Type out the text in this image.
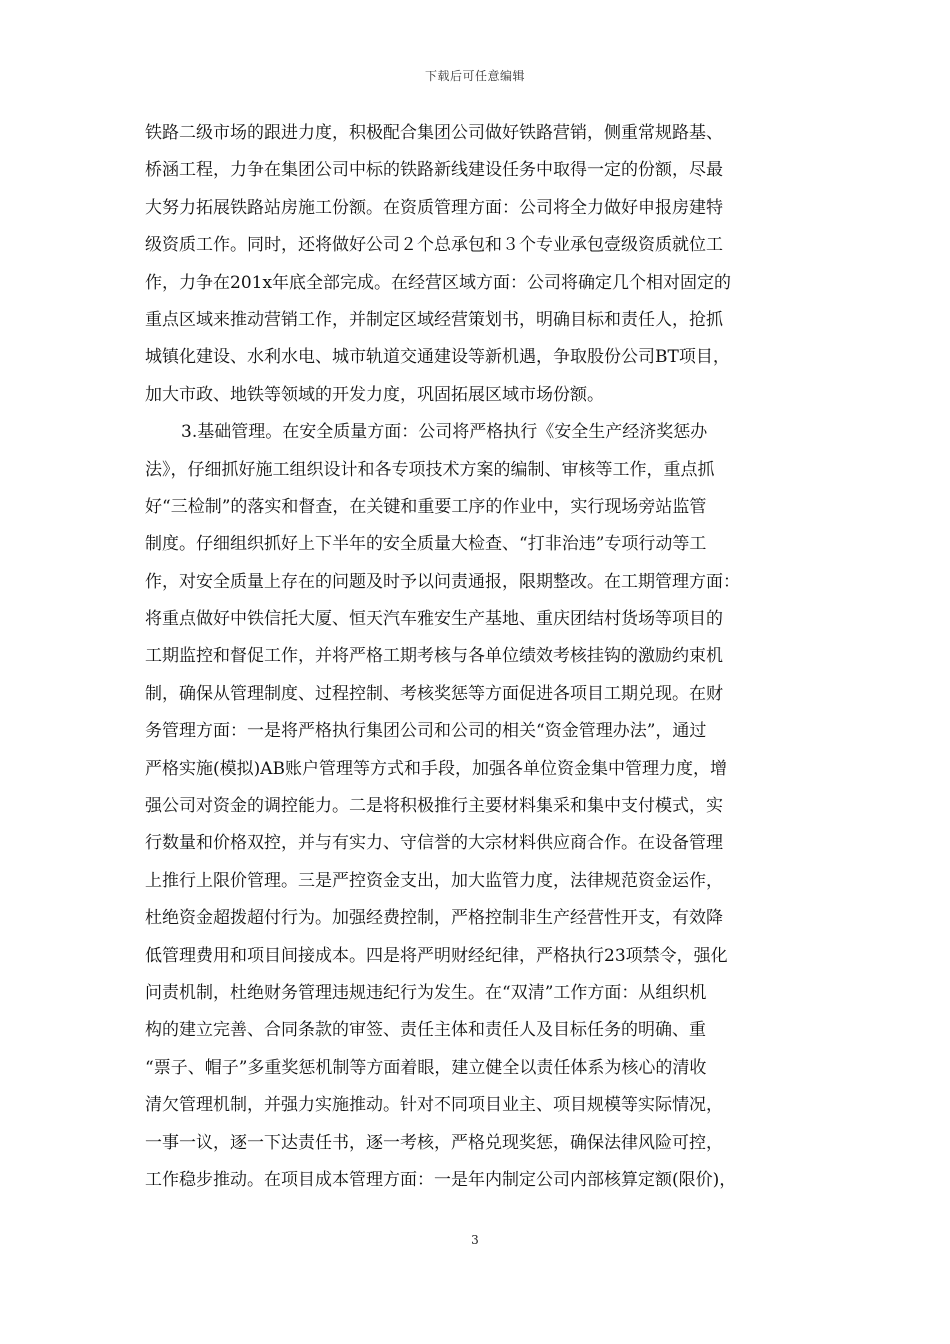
下载后可任意编辑
铁路二级市场的跟进力度，积极配合集团公司做好铁路营销，侧重常规路基、
桥涵工程，力争在集团公司中标的铁路新线建设任务中取得一定的份额，尽最
大努力拓展铁路站房施工份额。在资质管理方面：公司将全力做好申报房建特
级资质工作。同时，还将做好公司２个总承包和３个专业承包壹级资质就位工
作，力争在201x年底全部完成。在经营区域方面：公司将确定几个相对固定的
重点区域来推动营销工作，并制定区域经营策划书，明确目标和责任人，抢抓
城镇化建设、水利水电、城市轨道交通建设等新机遇，争取股份公司BT项目，
加大市政、地铁等领域的开发力度，巩固拓展区域市场份额。
3.基础管理。在安全质量方面：公司将严格执行《安全生产经济奖惩办
法》，仔细抓好施工组织设计和各专项技术方案的编制、审核等工作，重点抓
好“三检制”的落实和督查，在关键和重要工序的作业中，实行现场旁站监管
制度。仔细组织抓好上下半年的安全质量大检查、“打非治违”专项行动等工
作，对安全质量上存在的问题及时予以问责通报，限期整改。在工期管理方面：
将重点做好中铁信托大厦、恒天汽车雅安生产基地、重庆团结村货场等项目的
工期监控和督促工作，并将严格工期考核与各单位绩效考核挂钩的激励约束机
制，确保从管理制度、过程控制、考核奖惩等方面促进各项目工期兑现。在财
务管理方面：一是将严格执行集团公司和公司的相关“资金管理办法”，通过
严格实施(模拟)AB账户管理等方式和手段，加强各单位资金集中管理力度，增
强公司对资金的调控能力。二是将积极推行主要材料集采和集中支付模式，实
行数量和价格双控，并与有实力、守信誉的大宗材料供应商合作。在设备管理
上推行上限价管理。三是严控资金支出，加大监管力度，法律规范资金运作，
杜绝资金超拨超付行为。加强经费控制，严格控制非生产经营性开支，有效降
低管理费用和项目间接成本。四是将严明财经纪律，严格执行23项禁令，强化
问责机制，杜绝财务管理违规违纪行为发生。在“双清”工作方面：从组织机
构的建立完善、合同条款的审签、责任主体和责任人及目标任务的明确、重
“票子、帽子”多重奖惩机制等方面着眼，建立健全以责任体系为核心的清收
清欠管理机制，并强力实施推动。针对不同项目业主、项目规模等实际情况，
一事一议，逐一下达责任书，逐一考核，严格兑现奖惩，确保法律风险可控，
工作稳步推动。在项目成本管理方面：一是年内制定公司内部核算定额(限价)，
3
